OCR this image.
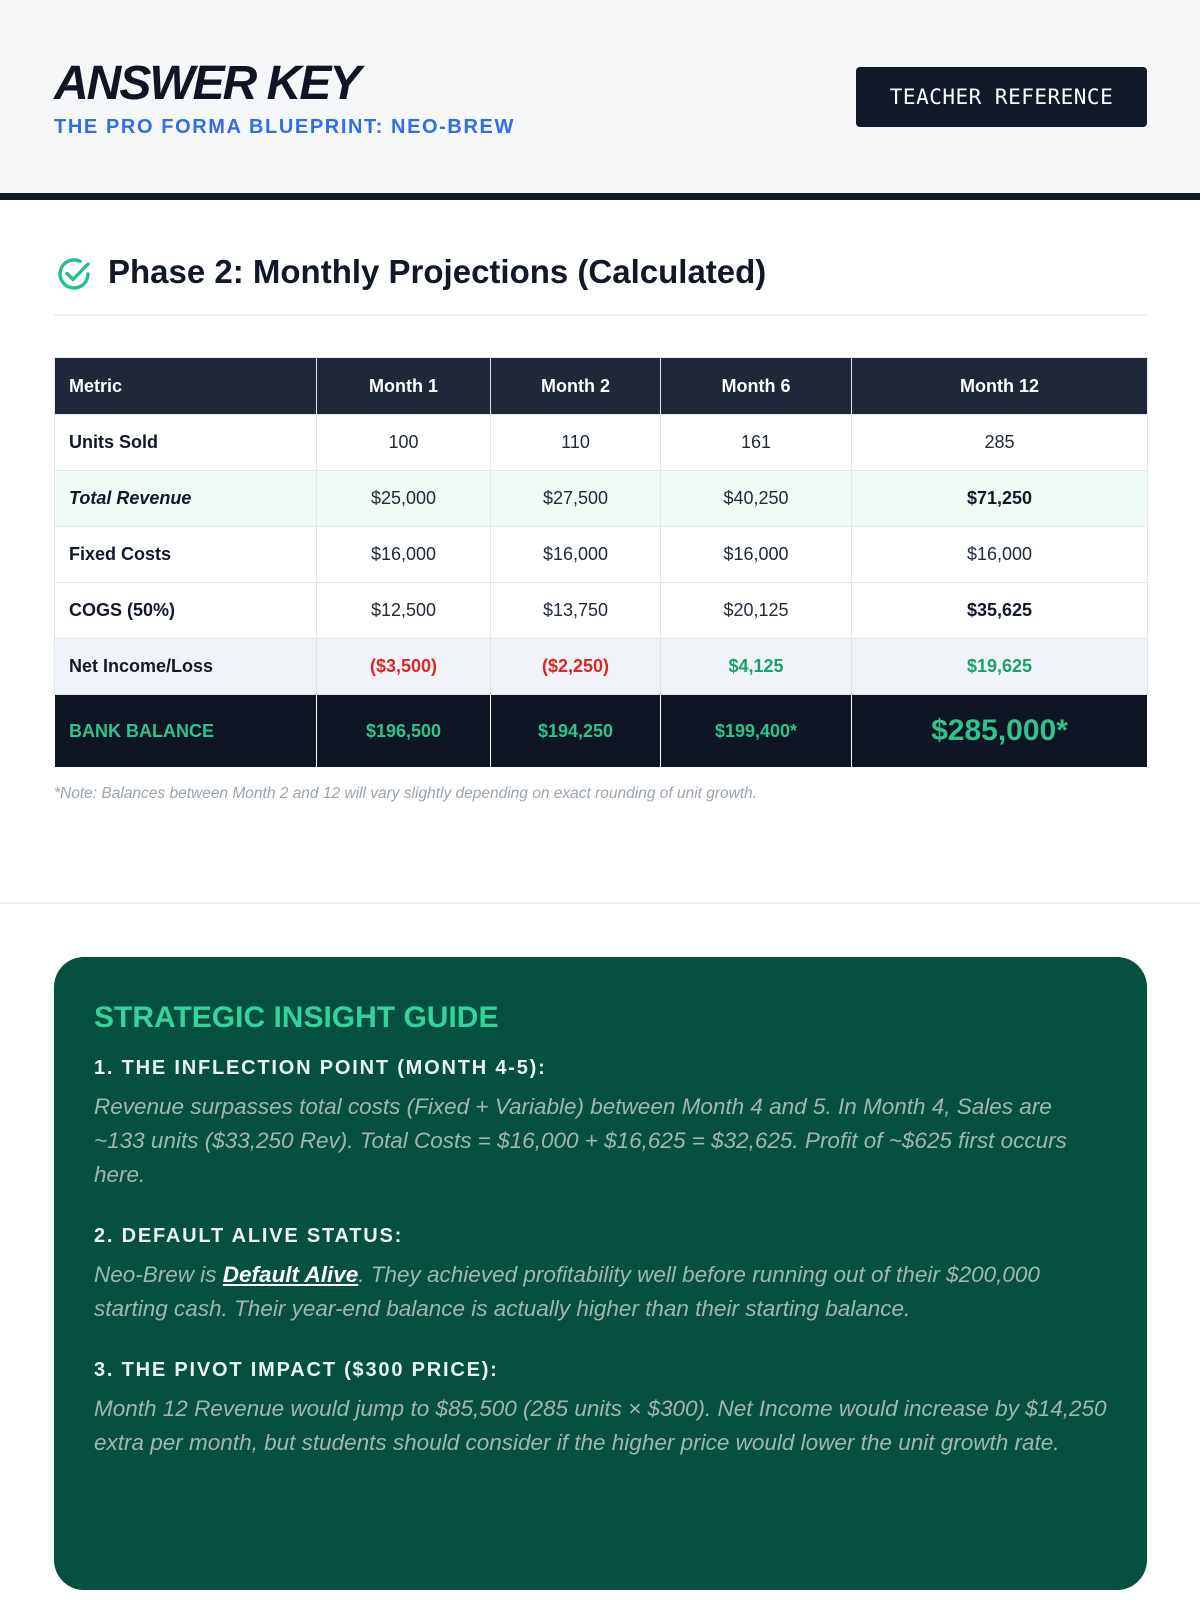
ANSWER KEY
THE PRO FORMA BLUEPRINT: NEO-BREW
TEACHER REFERENCE
Phase 2: Monthly Projections (Calculated)
Metric	Month 1	Month 2	Month 6	Month 12
Units Sold	100	110	161	285
Total Revenue	$25,000	$27,500	$40,250	$71,250
Fixed Costs	$16,000	$16,000	$16,000	$16,000
COGS (50%)	$12,500	$13,750	$20,125	$35,625
Net Income/Loss	($3,500)	($2,250)	$4,125	$19,625
BANK BALANCE	$196,500	$194,250	$199,400*	$285,000*
*Note: Balances between Month 2 and 12 will vary slightly depending on exact rounding of unit growth.
STRATEGIC INSIGHT GUIDE
1. THE INFLECTION POINT (MONTH 4-5):
Revenue surpasses total costs (Fixed + Variable) between Month 4 and 5. In Month 4, Sales are ~133 units ($33,250 Rev). Total Costs = $16,000 + $16,625 = $32,625. Profit of ~$625 first occurs here.
2. DEFAULT ALIVE STATUS:
Neo-Brew is Default Alive. They achieved profitability well before running out of their $200,000 starting cash. Their year-end balance is actually higher than their starting balance.
3. THE PIVOT IMPACT ($300 PRICE):
Month 12 Revenue would jump to $85,500 (285 units × $300). Net Income would increase by $14,250 extra per month, but students should consider if the higher price would lower the unit growth rate.
